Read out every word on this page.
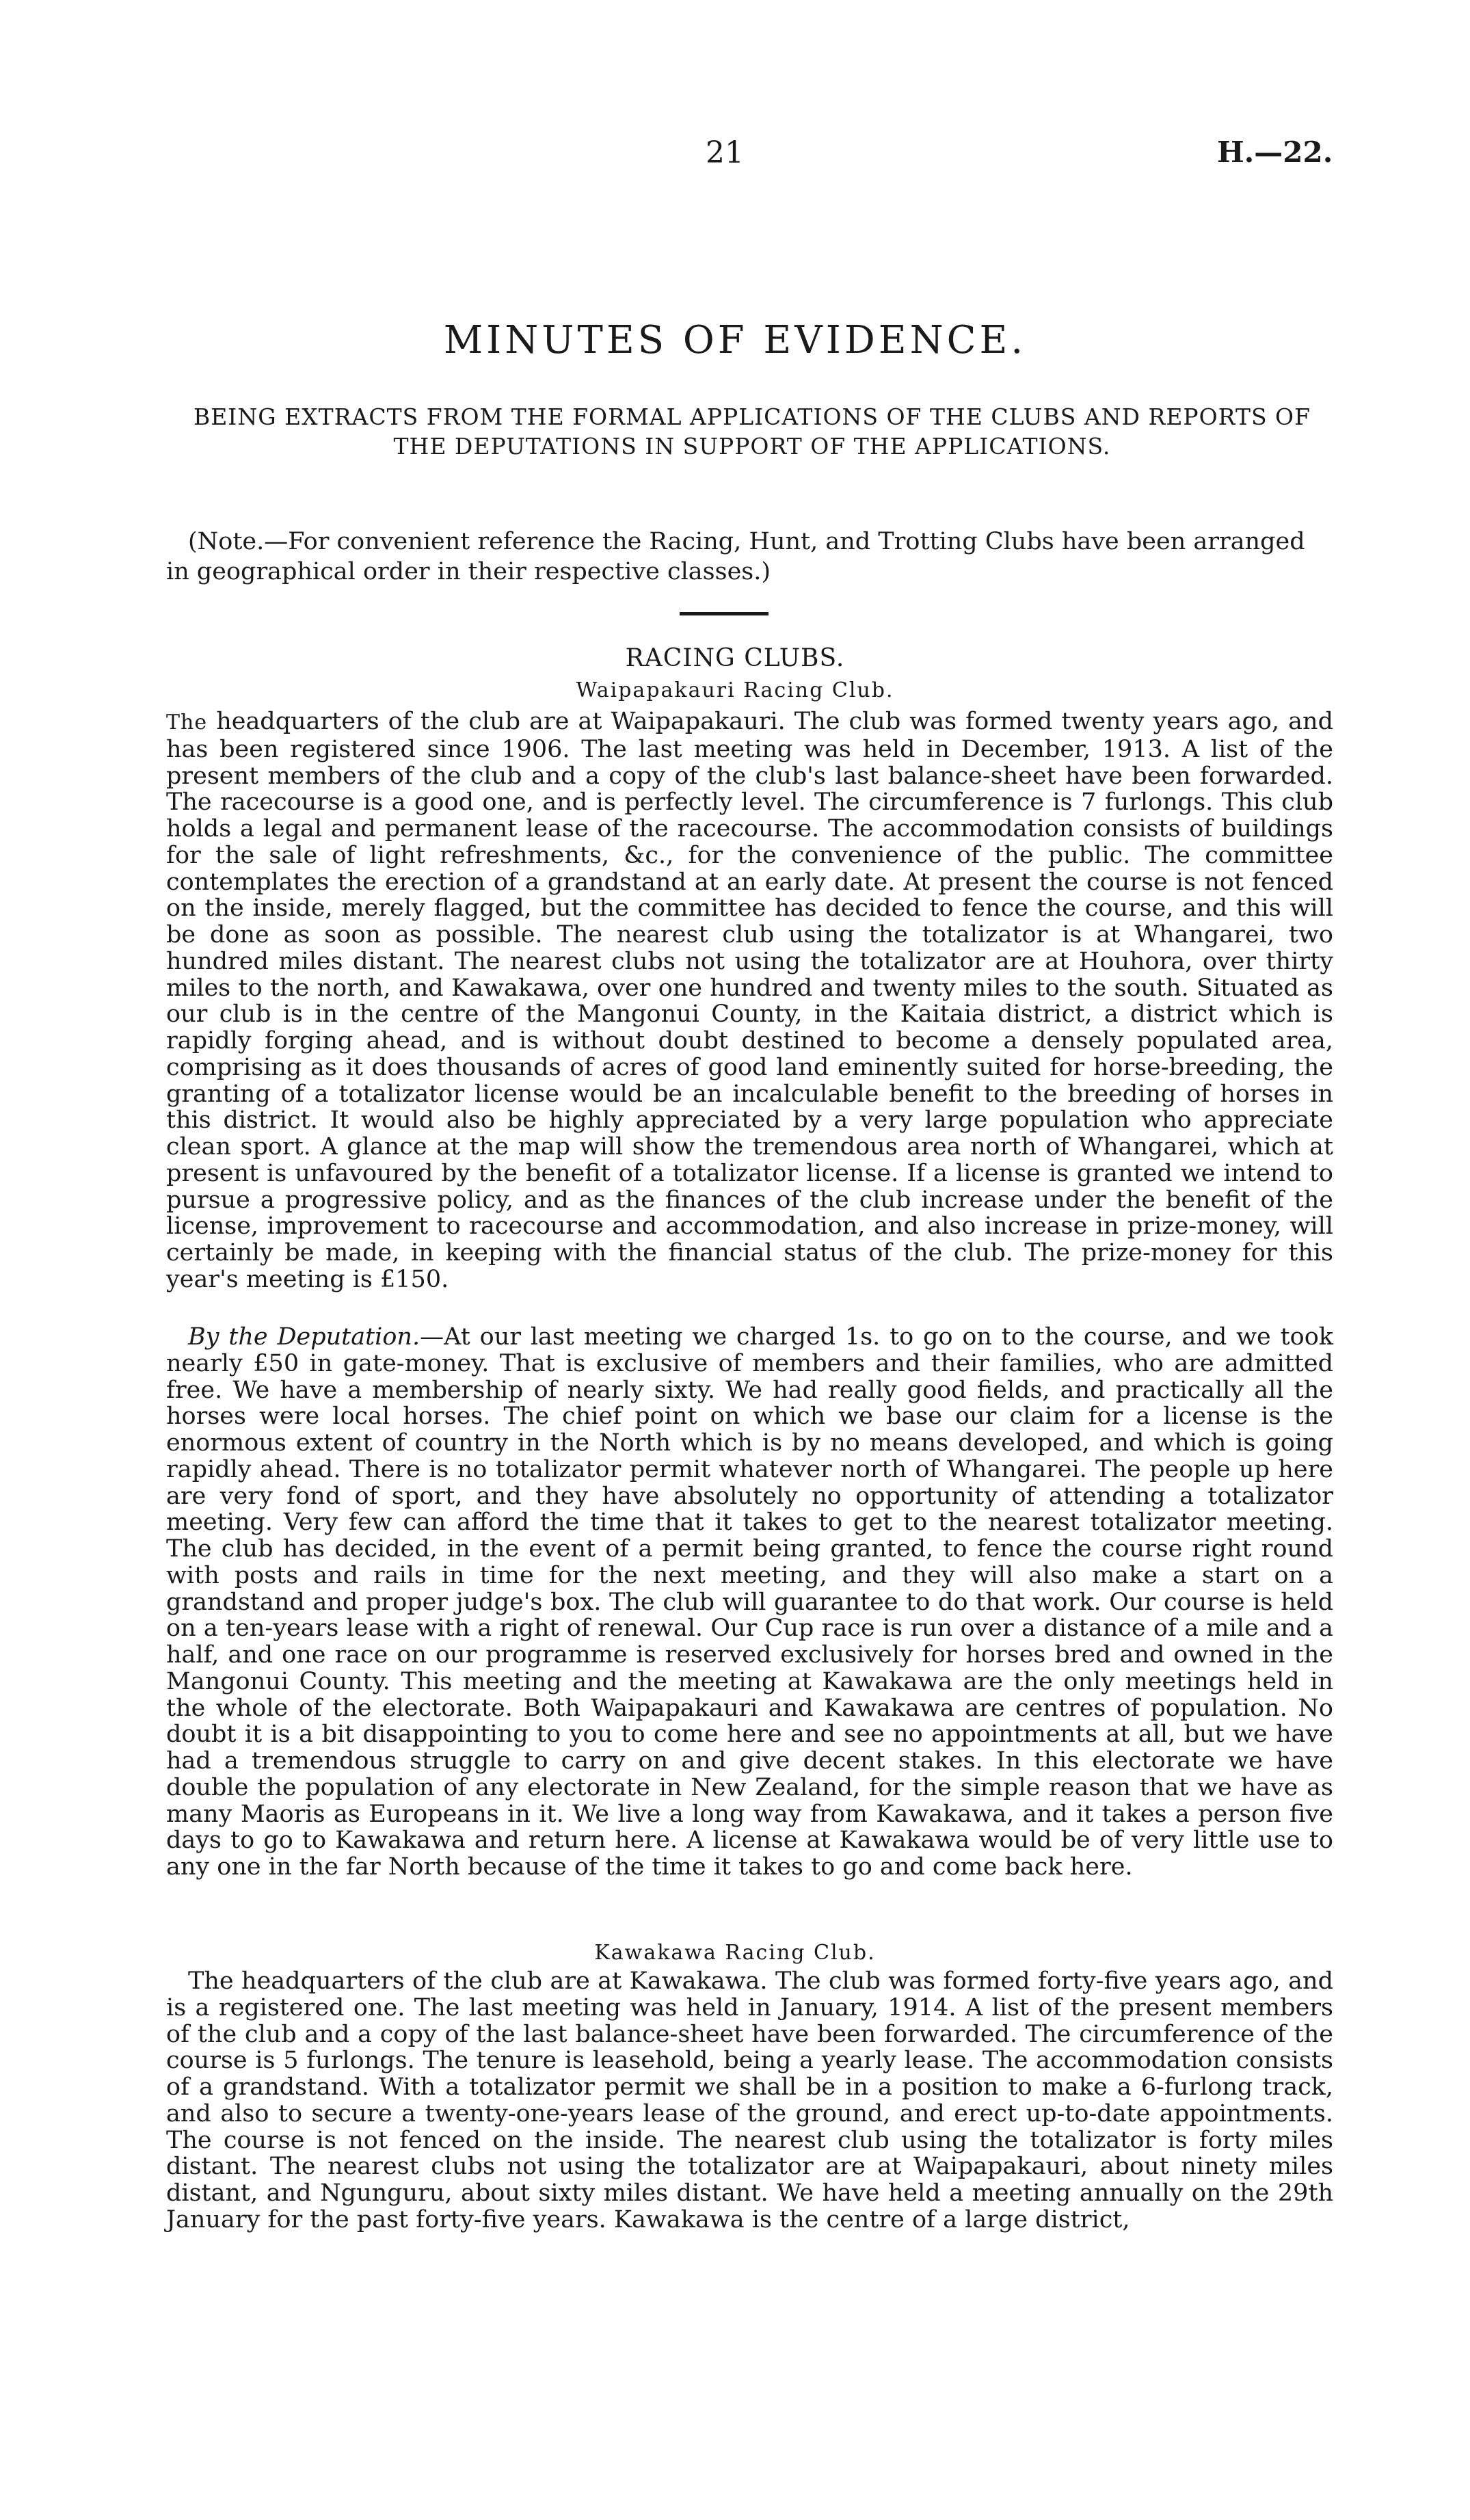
21	H.—22.
MINUTES OF EVIDENCE.
BEING EXTRACTS FROM THE FORMAL APPLICATIONS OF THE CLUBS AND REPORTS OF THE DEPUTATIONS IN SUPPORT OF THE APPLICATIONS.
(Note.—For convenient reference the Racing, Hunt, and Trotting Clubs have been arranged in geographical order in their respective classes.)
RACING CLUBS.
Waipapakauri Racing Club.
The headquarters of the club are at Waipapakauri. The club was formed twenty years ago, and has been registered since 1906. The last meeting was held in December, 1913. A list of the present members of the club and a copy of the club's last balance-sheet have been forwarded. The racecourse is a good one, and is perfectly level. The circumference is 7 furlongs. This club holds a legal and permanent lease of the racecourse. The accommodation consists of buildings for the sale of light refreshments, &c., for the convenience of the public. The committee contemplates the erection of a grandstand at an early date. At present the course is not fenced on the inside, merely flagged, but the committee has decided to fence the course, and this will be done as soon as possible. The nearest club using the totalizator is at Whangarei, two hundred miles distant. The nearest clubs not using the totalizator are at Houhora, over thirty miles to the north, and Kawakawa, over one hundred and twenty miles to the south. Situated as our club is in the centre of the Mangonui County, in the Kaitaia district, a district which is rapidly forging ahead, and is without doubt destined to become a densely populated area, comprising as it does thousands of acres of good land eminently suited for horse-breeding, the granting of a totalizator license would be an incalculable benefit to the breeding of horses in this district. It would also be highly appreciated by a very large population who appreciate clean sport. A glance at the map will show the tremendous area north of Whangarei, which at present is unfavoured by the benefit of a totalizator license. If a license is granted we intend to pursue a progressive policy, and as the finances of the club increase under the benefit of the license, improvement to racecourse and accommodation, and also increase in prize-money, will certainly be made, in keeping with the financial status of the club. The prize-money for this year's meeting is £150.
By the Deputation.—At our last meeting we charged 1s. to go on to the course, and we took nearly £50 in gate-money. That is exclusive of members and their families, who are admitted free. We have a membership of nearly sixty. We had really good fields, and practically all the horses were local horses. The chief point on which we base our claim for a license is the enormous extent of country in the North which is by no means developed, and which is going rapidly ahead. There is no totalizator permit whatever north of Whangarei. The people up here are very fond of sport, and they have absolutely no opportunity of attending a totalizator meeting. Very few can afford the time that it takes to get to the nearest totalizator meeting. The club has decided, in the event of a permit being granted, to fence the course right round with posts and rails in time for the next meeting, and they will also make a start on a grandstand and proper judge's box. The club will guarantee to do that work. Our course is held on a ten-years lease with a right of renewal. Our Cup race is run over a distance of a mile and a half, and one race on our programme is reserved exclusively for horses bred and owned in the Mangonui County. This meeting and the meeting at Kawakawa are the only meetings held in the whole of the electorate. Both Waipapakauri and Kawakawa are centres of population. No doubt it is a bit disappointing to you to come here and see no appointments at all, but we have had a tremendous struggle to carry on and give decent stakes. In this electorate we have double the population of any electorate in New Zealand, for the simple reason that we have as many Maoris as Europeans in it. We live a long way from Kawakawa, and it takes a person five days to go to Kawakawa and return here. A license at Kawakawa would be of very little use to any one in the far North because of the time it takes to go and come back here.
Kawakawa Racing Club.
The headquarters of the club are at Kawakawa. The club was formed forty-five years ago, and is a registered one. The last meeting was held in January, 1914. A list of the present members of the club and a copy of the last balance-sheet have been forwarded. The circumference of the course is 5 furlongs. The tenure is leasehold, being a yearly lease. The accommodation consists of a grandstand. With a totalizator permit we shall be in a position to make a 6-furlong track, and also to secure a twenty-one-years lease of the ground, and erect up-to-date appointments. The course is not fenced on the inside. The nearest club using the totalizator is forty miles distant. The nearest clubs not using the totalizator are at Waipapakauri, about ninety miles distant, and Ngunguru, about sixty miles distant. We have held a meeting annually on the 29th January for the past forty-five years. Kawakawa is the centre of a large district,
